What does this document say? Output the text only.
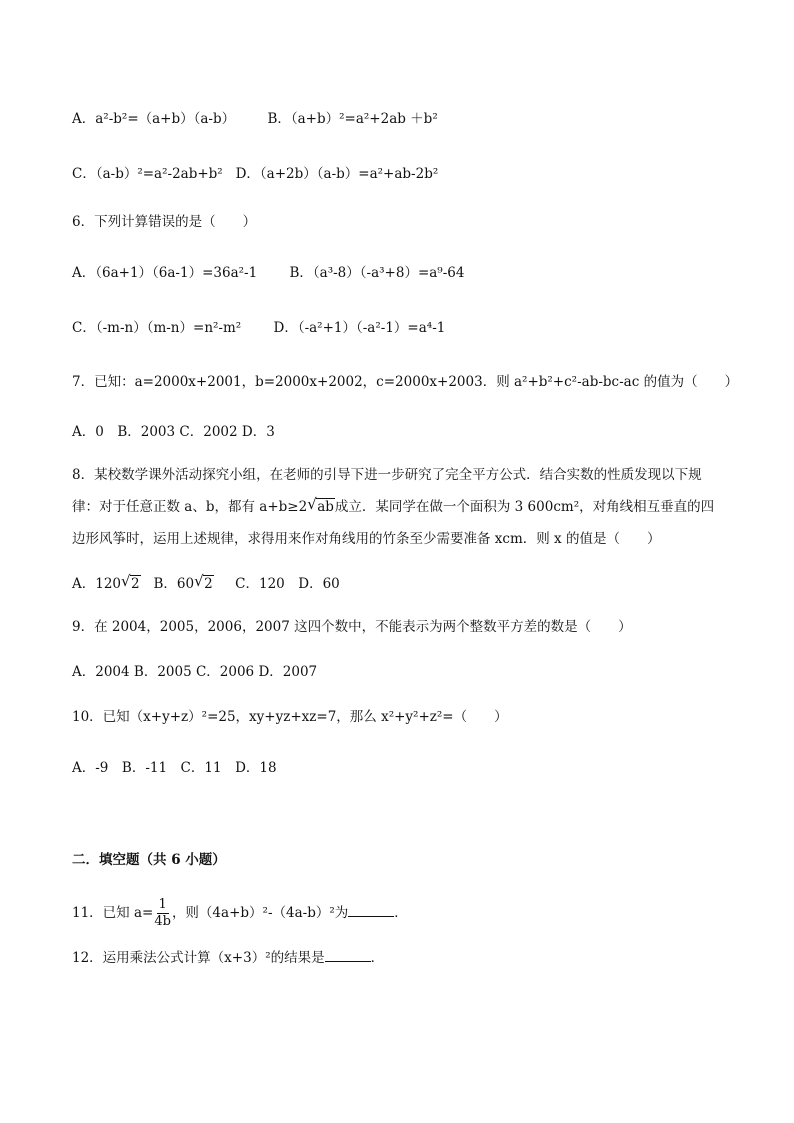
A．a²-b²=（a+b）（a-b） B．（a+b）²=a²+2ab ＋b²
C．（a-b）²=a²-2ab+b² D．（a+2b）（a-b）=a²+ab-2b²
6．下列计算错误的是（　　）
A．（6a+1）（6a-1）=36a²-1 B．（a³-8）（-a³+8）=a⁹-64
C．（-m-n）（m-n）=n²-m² D．（-a²+1）（-a²-1）=a⁴-1
7．已知：a=2000x+2001，b=2000x+2002，c=2000x+2003．则 a²+b²+c²-ab-bc-ac 的值为（　　）
A．0　B．2003 C．2002 D．3
8．某校数学课外活动探究小组，在老师的引导下进一步研究了完全平方公式．结合实数的性质发现以下规律：对于任意正数 a、b，都有 a+b≥2 √ ab成立．某同学在做一个面积为 3 600cm²，对角线相互垂直的四边形风筝时，运用上述规律，求得用来作对角线用的竹条至少需要准备 xcm．则 x 的值是（　　）
A．120 √ 2 B．60 √ 2 C．120　D．60
9．在 2004，2005，2006，2007 这四个数中，不能表示为两个整数平方差的数是（　　）
A．2004 B．2005 C．2006 D．2007
10．已知（x+y+z）²=25，xy+yz+xz=7，那么 x²+y²+z²=（　　）
A．-9　B．-11　C．11　D．18
二．填空题（共 6 小题）
11．已知 $a= \frac{1}{4b}$ ，则（4a+b）²-（4a-b）²为	．
12．运用乘法公式计算（x+3）²的结果是	．
